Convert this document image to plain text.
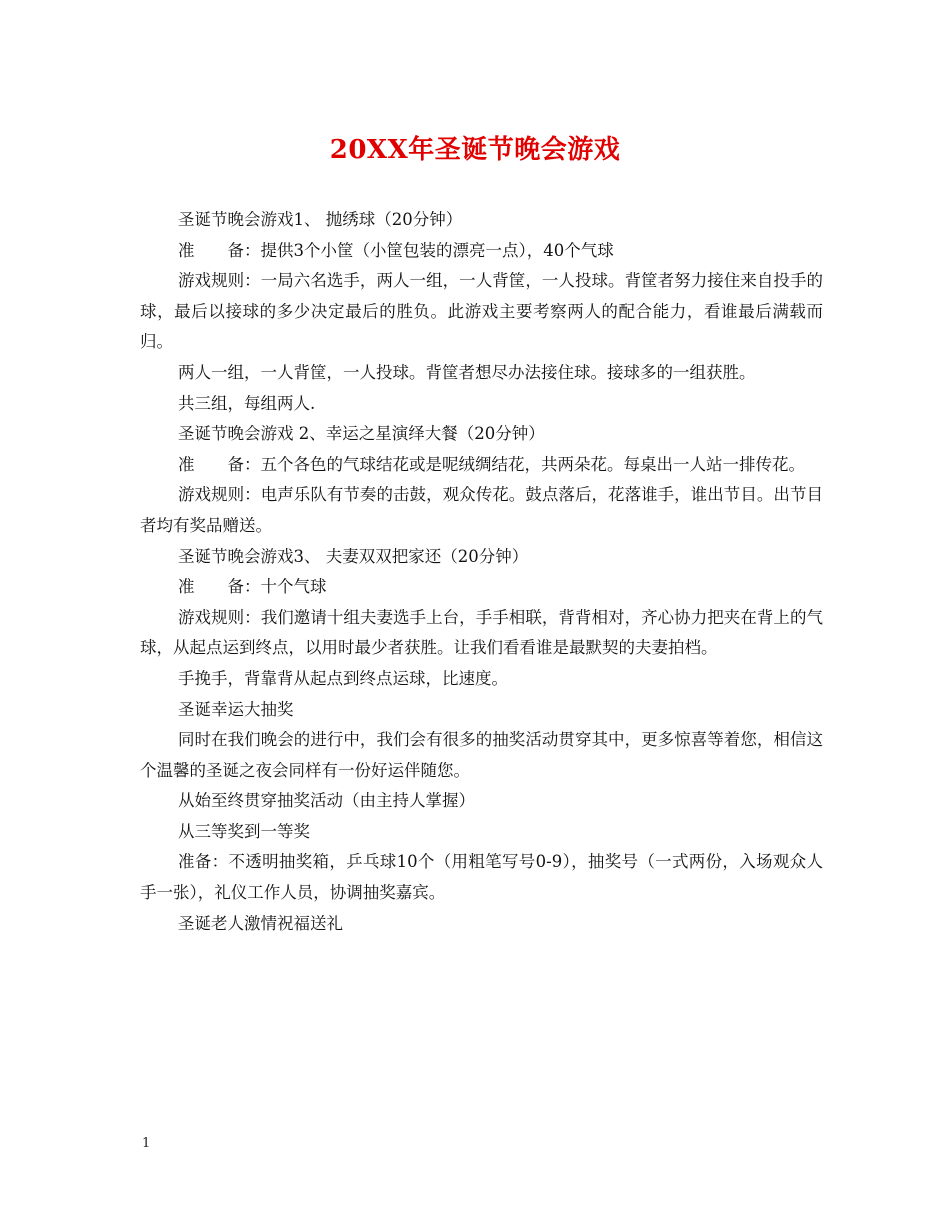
20XX年圣诞节晚会游戏

圣诞节晚会游戏1、 抛绣球（20分钟）

准　　备：提供3个小筐（小筐包装的漂亮一点），40个气球

游戏规则：一局六名选手，两人一组，一人背筐，一人投球。背筐者努力接住来自投手的球，最后以接球的多少决定最后的胜负。此游戏主要考察两人的配合能力，看谁最后满载而归。

两人一组，一人背筐，一人投球。背筐者想尽办法接住球。接球多的一组获胜。

共三组，每组两人.

圣诞节晚会游戏 2、幸运之星演绎大餐（20分钟）

准　　备：五个各色的气球结花或是呢绒绸结花，共两朵花。每桌出一人站一排传花。

游戏规则：电声乐队有节奏的击鼓，观众传花。鼓点落后，花落谁手，谁出节目。出节目者均有奖品赠送。

圣诞节晚会游戏3、 夫妻双双把家还（20分钟）

准　　备：十个气球

游戏规则：我们邀请十组夫妻选手上台，手手相联，背背相对，齐心协力把夹在背上的气球，从起点运到终点，以用时最少者获胜。让我们看看谁是最默契的夫妻拍档。

手挽手，背靠背从起点到终点运球，比速度。

圣诞幸运大抽奖

同时在我们晚会的进行中，我们会有很多的抽奖活动贯穿其中，更多惊喜等着您，相信这个温馨的圣诞之夜会同样有一份好运伴随您。

从始至终贯穿抽奖活动（由主持人掌握）

从三等奖到一等奖

准备：不透明抽奖箱，乒乓球10个（用粗笔写号0-9），抽奖号（一式两份，入场观众人手一张），礼仪工作人员，协调抽奖嘉宾。

圣诞老人激情祝福送礼

1
